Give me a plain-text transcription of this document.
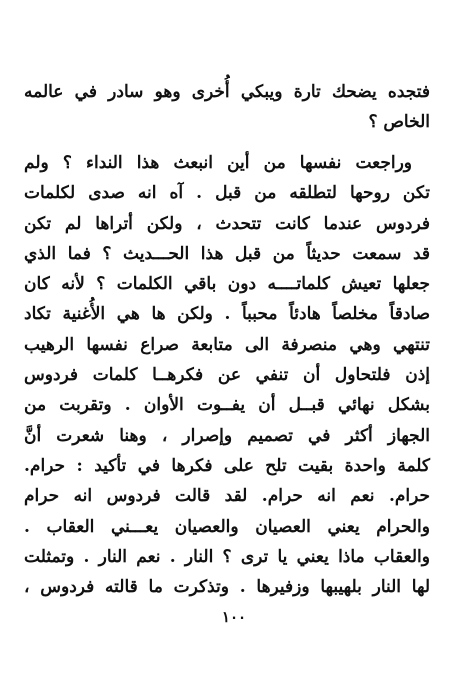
فتجده يضحك تارة ويبكي أُخرى وهو سادر في عالمه
الخاص ؟
وراجعت نفسها من أين انبعث هذا النداء ؟ ولم
تكن روحها لتطلقه من قبل . آه انه صدى لكلمات
فردوس عندما كانت تتحدث ، ولكن أتراها لم تكن
قد سمعت حديثاً من قبل هذا الحـــديث ؟ فما الذي
جعلها تعيش كلماتــــه دون باقي الكلمات ؟ لأنه كان
صادقاً مخلصاً هادئاً محبباً . ولكن ها هي الأُغنية تكاد
تنتهي وهي منصرفة الى متابعة صراع نفسها الرهيب
إذن فلتحاول أن تنفي عن فكرهــا كلمات فردوس
بشكل نهائي قبــل أن يفــوت الأوان . وتقربت من
الجهاز أكثر في تصميم وإصرار ، وهنا شعرت أنَّ
كلمة واحدة بقيت تلح على فكرها في تأكيد : حرام.
حرام. نعم انه حرام. لقد قالت فردوس انه حرام
والحرام يعني العصيان والعصيان يعـــني العقاب .
والعقاب ماذا يعني يا ترى ؟ النار . نعم النار . وتمثلت
لها النار بلهيبها وزفيرها . وتذكرت ما قالته فردوس ،
١٠٠
